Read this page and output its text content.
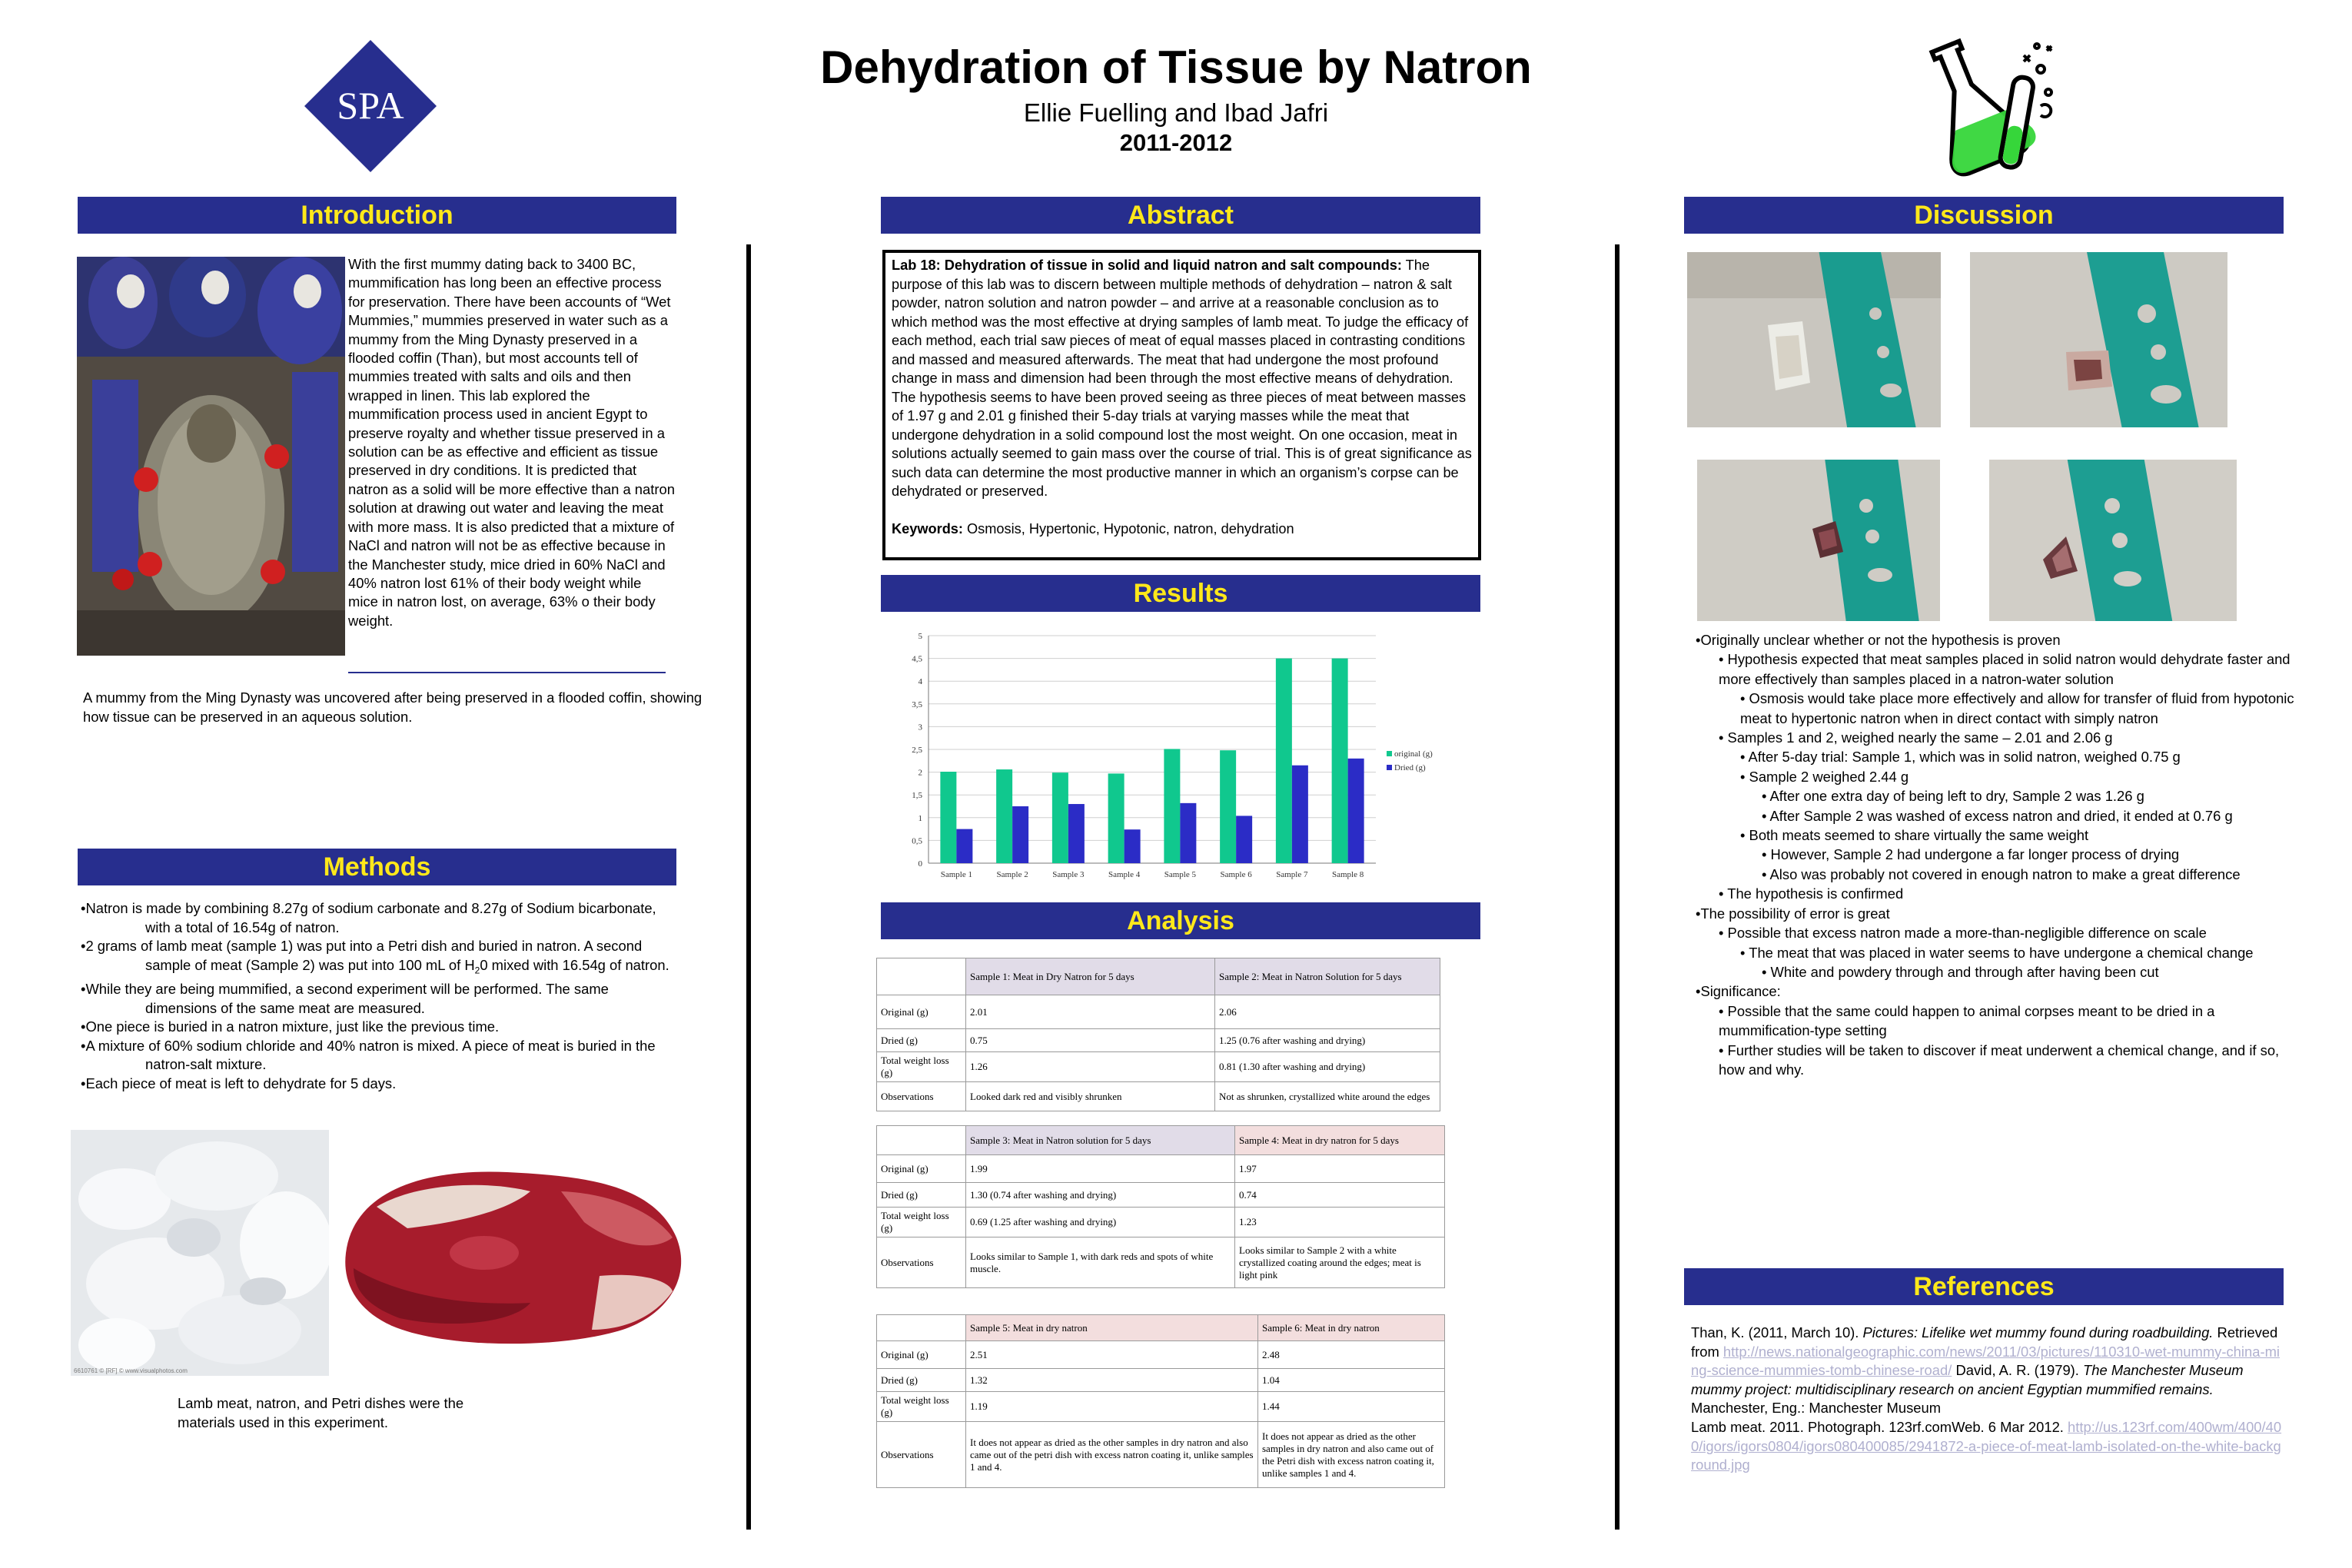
SPA
Dehydration of Tissue by Natron
Ellie Fuelling and Ibad Jafri
2011-2012
Introduction	Abstract	Discussion
Methods
Results
Analysis
References
With the first mummy dating back to 3400 BC, mummification has long been an effective process for preservation. There have been accounts of “Wet Mummies,” mummies preserved in water such as a mummy from the Ming Dynasty preserved in a flooded coffin (Than), but most accounts tell of mummies treated with salts and oils and then wrapped in linen. This lab explored the mummification process used in ancient Egypt to preserve royalty and whether tissue preserved in a solution can be as effective and efficient as tissue preserved in dry conditions. It is predicted that natron as a solid will be more effective than a natron solution at drawing out water and leaving the meat with more mass. It is also predicted that a mixture of NaCl and natron will not be as effective because in the Manchester study, mice dried in 60% NaCl and 40% natron lost 61% of their body weight while mice in natron lost, on average, 63% o their body weight.
A mummy from the Ming Dynasty was uncovered after being preserved in a flooded coffin, showing how tissue can be preserved in an aqueous solution.

•Natron is made by combining 8.27g of sodium carbonate and 8.27g of Sodium bicarbonate, with a total of 16.54g of natron.

•2 grams of lamb meat (sample 1) was put into a Petri dish and buried in natron. A second sample of meat (Sample 2) was put into 100 mL of $H_20$ mixed with 16.54g of natron.

•While they are being mummified, a second experiment will be performed. The same dimensions of the same meat are measured.

•One piece is buried in a natron mixture, just like the previous time.

•A mixture of 60% sodium chloride and 40% natron is mixed. A piece of meat is buried in the natron-salt mixture.

•Each piece of meat is left to dehydrate for 5 days.

6610761 © [RF] © www.visualphotos.com
Lamb meat, natron, and Petri dishes were the materials used in this experiment.
Lab 18: Dehydration of tissue in solid and liquid natron and salt compounds: The purpose of this lab was to discern between multiple methods of dehydration – natron & salt powder, natron solution and natron powder – and arrive at a reasonable conclusion as to which method was the most effective at drying samples of lamb meat. To judge the efficacy of each method, each trial saw pieces of meat of equal masses placed in contrasting conditions and massed and measured afterwards. The meat that had undergone the most profound change in mass and dimension had been through the most effective means of dehydration. The hypothesis seems to have been proved seeing as three pieces of meat between masses of 1.97 g and 2.01 g finished their 5-day trials at varying masses while the meat that undergone dehydration in a solid compound lost the most weight. On one occasion, meat in solutions actually seemed to gain mass over the course of trial. This is of great significance as such data can determine the most productive manner in which an organism’s corpse can be dehydrated or preserved.
Keywords: Osmosis, Hypertonic, Hypotonic, natron, dehydration
0
0,5
1
1,5
2
2,5
3
3,5
4
4,5
5
Sample 1	Sample 2	Sample 3	Sample 4	Sample 5	Sample 6	Sample 7	Sample 8
original (g)
Dried (g)
	Sample 1: Meat in Dry Natron for 5 days	Sample 2: Meat in Natron Solution for 5 days
Original (g)	2.01	2.06
Dried (g)	0.75	1.25 (0.76 after washing and drying)
Total weight loss (g)	1.26	0.81 (1.30 after washing and drying)
Observations	Looked dark red and visibly shrunken	Not as shrunken, crystallized white around the edges
	Sample 3: Meat in Natron solution for 5 days	Sample 4: Meat in dry natron for 5 days
Original (g)	1.99	1.97
Dried (g)	1.30 (0.74 after washing and drying)	0.74
Total weight loss (g)	0.69 (1.25 after washing and drying)	1.23
Observations	Looks similar to Sample 1, with dark reds and spots of white muscle.	Looks similar to Sample 2 with a white crystallized coating around the edges; meat is light pink
	Sample 5: Meat in dry natron	Sample 6: Meat in dry natron
Original (g)	2.51	2.48
Dried (g)	1.32	1.04
Total weight loss (g)	1.19	1.44
Observations	It does not appear as dried as the other samples in dry natron and also came out of the petri dish with excess natron coating it, unlike samples 1 and 4.	It does not appear as dried as the other samples in dry natron and also came out of the Petri dish with excess natron coating it, unlike samples 1 and 4.

•Originally unclear whether or not the hypothesis is proven

• Hypothesis expected that meat samples placed in solid natron would dehydrate faster and more effectively than samples placed in a natron-water solution

• Osmosis would take place more effectively and allow for transfer of fluid from hypotonic meat to hypertonic natron when in direct contact with simply natron

• Samples 1 and 2, weighed nearly the same – 2.01 and 2.06 g

• After 5-day trial: Sample 1, which was in solid natron, weighed 0.75 g

• Sample 2 weighed 2.44 g

• After one extra day of being left to dry, Sample 2 was 1.26 g

• After Sample 2 was washed of excess natron and dried, it ended at 0.76 g

• Both meats seemed to share virtually the same weight

• However, Sample 2 had undergone a far longer process of drying

• Also was probably not covered in enough natron to make a great difference

• The hypothesis is confirmed

•The possibility of error is great

• Possible that excess natron made a more-than-negligible difference on scale

• The meat that was placed in water seems to have undergone a chemical change

• White and powdery through and through after having been cut

•Significance:

• Possible that the same could happen to animal corpses meant to be dried in a mummification-type setting

• Further studies will be taken to discover if meat underwent a chemical change, and if so, how and why.

Than, K. (2011, March 10). Pictures: Lifelike wet mummy found during roadbuilding. Retrieved from http://news.nationalgeographic.com/news/2011/03/pictures/110310-wet-mummy-china-ming-science-mummies-tomb-chinese-road/ David, A. R. (1979). The Manchester Museum mummy project: multidisciplinary research on ancient Egyptian mummified remains. Manchester, Eng.: Manchester Museum
Lamb meat. 2011. Photograph. 123rf.comWeb. 6 Mar 2012. http://us.123rf.com/400wm/400/400/igors/igors0804/igors080400085/2941872-a-piece-of-meat-lamb-isolated-on-the-white-background.jpg
